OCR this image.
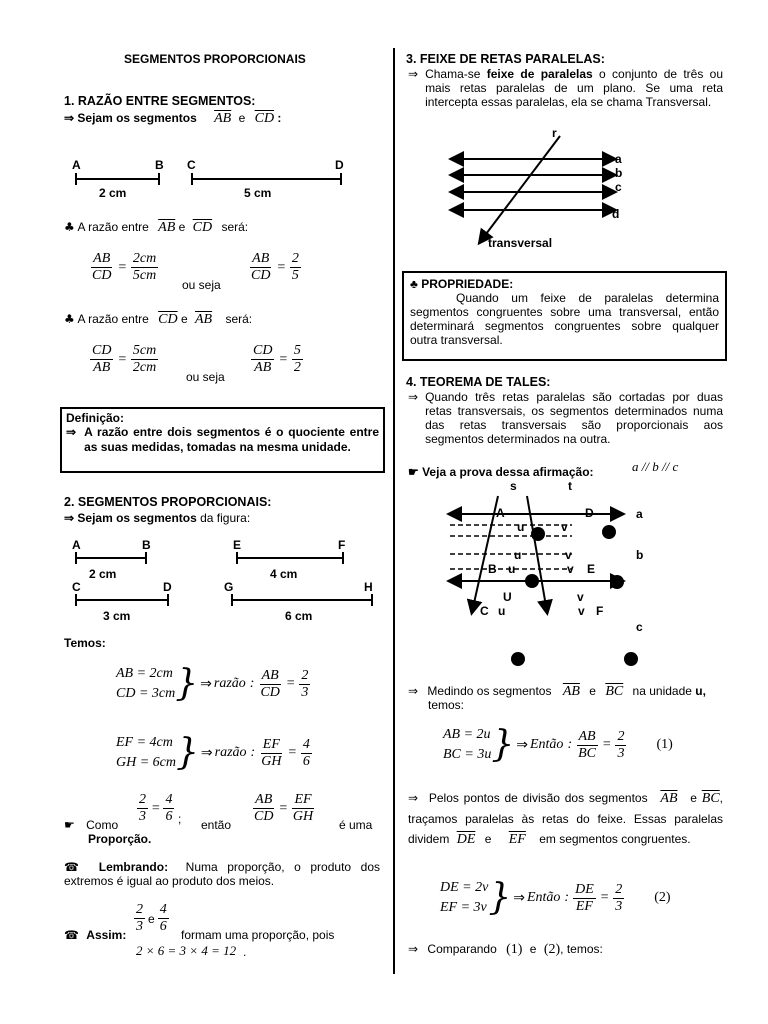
SEGMENTOS PROPORCIONAIS
1. RAZÃO ENTRE SEGMENTOS:
⇒ Sejam os segmentos $\overline{AB}$ e $\overline{CD}$ :
A	B C	D
2 cm	5 cm
♣ A razão entre $\overline{AB}$ e $\overline{CD}$ será:
$\frac{AB}{CD} = \frac{2cm}{5cm}$
ou seja
$\frac{AB}{CD} = \frac{2}{5}$
♣ A razão entre $\overline{CD}$ e $\overline{AB}$ será:
$\frac{CD}{AB} = \frac{5cm}{2cm}$
ou seja
$\frac{CD}{AB} = \frac{5}{2}$
Definição:
⇒ A razão entre dois segmentos é o quociente entre as suas medidas, tomadas na mesma unidade.
2. SEGMENTOS PROPORCIONAIS:
⇒ Sejam os segmentos da figura:
A	B	E	F
2 cm	4 cm
C	D	G	H
3 cm	6 cm
Temos:
AB = 2cm
CD = 3cm } ⇒ razão : $\frac{AB}{CD} = \frac{2}{3}$
EF = 4cm
GH = 6cm } ⇒ razão : $\frac{EF}{GH} = \frac{4}{6}$
☛ Como $\frac{2}{3} = \frac{4}{6}$ ; então $\frac{AB}{CD} = \frac{EF}{GH}$ é uma
Proporção.
☎ Lembrando: Numa proporção, o produto dos extremos é igual ao produto dos meios.
☎ Assim: $\frac{2}{3}$ e $\frac{4}{6}$ formam uma proporção, pois
2 × 6 = 3 × 4 = 12 .
3. FEIXE DE RETAS PARALELAS:
⇒ Chama-se feixe de paralelas o conjunto de três ou mais retas paralelas de um plano. Se uma reta intercepta essas paralelas, ela se chama Transversal.
r
a
b
c
d
transversal
♣ PROPRIEDADE:
Quando um feixe de paralelas determina segmentos congruentes sobre uma transversal, então determinará segmentos congruentes sobre qualquer outra transversal.
4. TEOREMA DE TALES:
⇒ Quando três retas paralelas são cortadas por duas retas transversais, os segmentos determinados numa das retas transversais são proporcionais aos segmentos determinados na outra.
☛ Veja a prova dessa afirmação:	a // b // c
s	t
A	D	a
u	v
u	v	b
B u	v E
U	v
C u	v F
c
⇒ Medindo os segmentos $\overline{AB}$ e $\overline{BC}$ na unidade u,
temos:
AB = 2u
BC = 3u } ⇒ Então : $\frac{AB}{BC} = \frac{2}{3} (1)$
⇒ Pelos pontos de divisão dos segmentos $\overline{AB}$ e $\overline{BC}$, traçamos paralelas às retas do feixe. Essas paralelas dividem $\overline{DE}$ e $\overline{EF}$ em segmentos congruentes.
DE = 2v
EF = 3v } ⇒ Então : $\frac{DE}{EF} = \frac{2}{3} (2)$
⇒ Comparando (1) e (2), temos:
